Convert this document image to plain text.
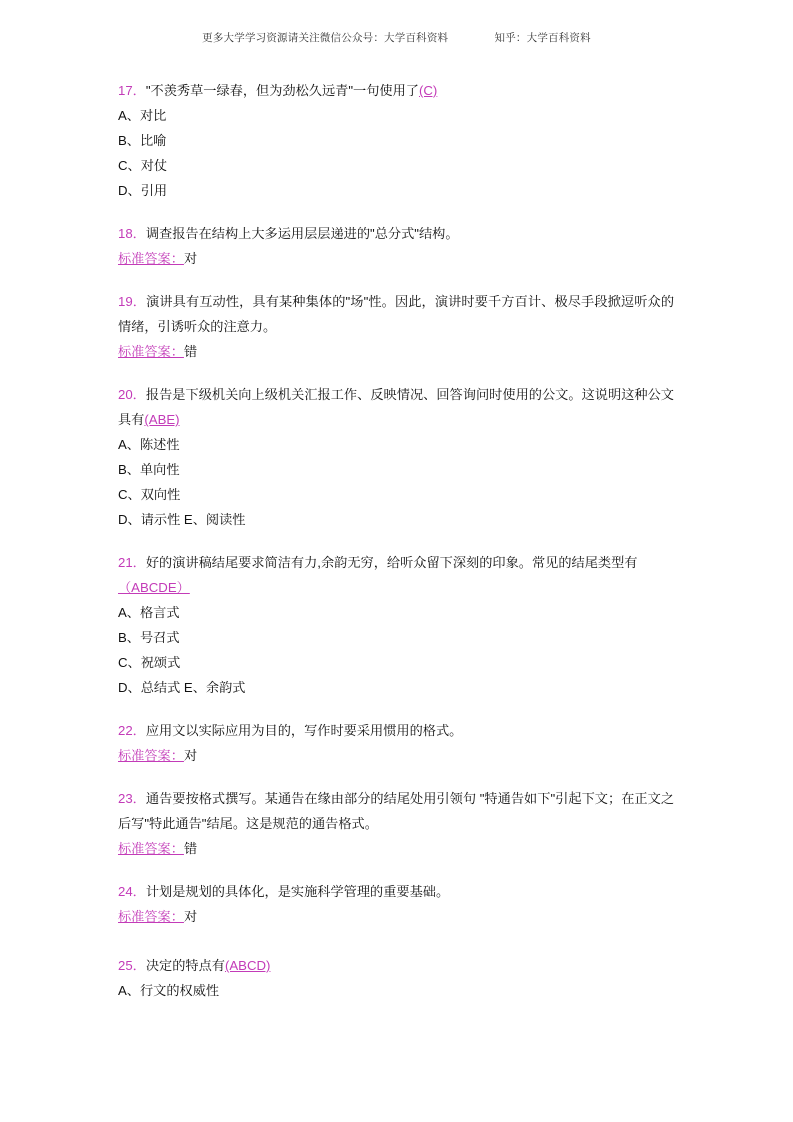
更多大学学习资源请关注微信公众号：大学百科资料	知乎：大学百科资料
17．"不羡秀草一绿春，但为劲松久远青"一句使用了(C)
A、对比
B、比喻
C、对仗
D、引用
18．调查报告在结构上大多运用层层递进的"总分式"结构。
标准答案：对
19．演讲具有互动性，具有某种集体的"场"性。因此，演讲时要千方百计、极尽手段掀逗听众的情绪，引诱听众的注意力。
标准答案：错
20．报告是下级机关向上级机关汇报工作、反映情况、回答询问时使用的公文。这说明这种公文具有(ABE)
A、陈述性
B、单向性
C、双向性
D、请示性 E、阅读性
21．好的演讲稿结尾要求简洁有力,余韵无穷，给听众留下深刻的印象。常见的结尾类型有
（ABCDE）
A、格言式
B、号召式
C、祝颂式
D、总结式 E、余韵式
22．应用文以实际应用为目的，写作时要采用惯用的格式。
标准答案：对
23．通告要按格式撰写。某通告在缘由部分的结尾处用引领句 "特通告如下"引起下文；在正文之后写"特此通告"结尾。这是规范的通告格式。
标准答案：错
24．计划是规划的具体化，是实施科学管理的重要基础。
标准答案：对
25．决定的特点有(ABCD)
A、行文的权威性
